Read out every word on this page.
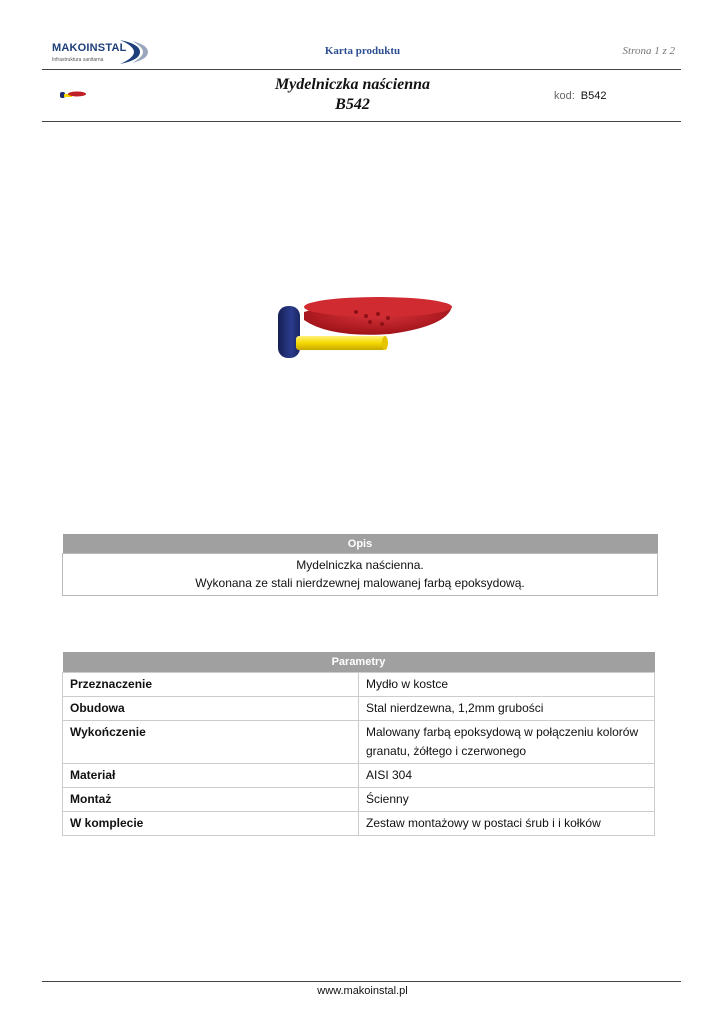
MAKOINSTAL
Infrastruktura sanitarna
Karta produktu	Strona 1 z 2
Mydelniczka naścienna
B542	kod: B542
Opis

Mydelniczka naścienna.
Wykonana ze stali nierdzewnej malowanej farbą epoksydową.
Parametry	
Przeznaczenie	Mydło w kostce
Obudowa	Stal nierdzewna, 1,2mm grubości
Wykończenie	Malowany farbą epoksydową w połączeniu kolorów granatu, żółtego i czerwonego
Materiał	AISI 304
Montaż	Ścienny
W komplecie	Zestaw montażowy w postaci śrub i i kołków
www.makoinstal.pl
